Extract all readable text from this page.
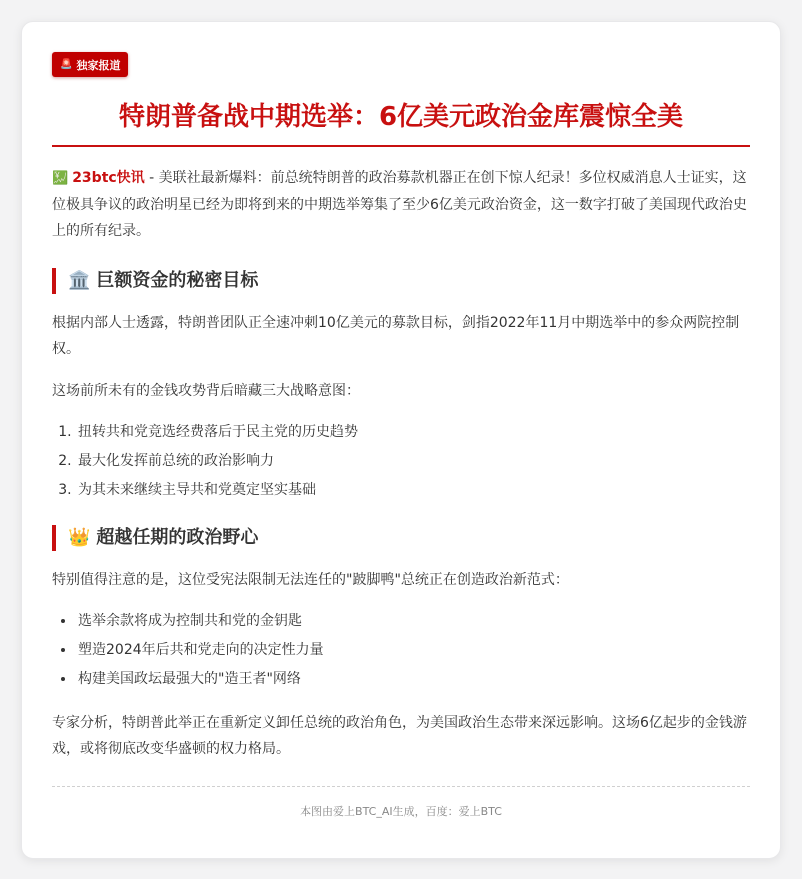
🚨 独家报道
特朗普备战中期选举：6亿美元政治金库震惊全美

💹 23btc快讯 - 美联社最新爆料：前总统特朗普的政治募款机器正在创下惊人纪录！多位权威消息人士证实，这位极具争议的政治明星已经为即将到来的中期选举筹集了至少6亿美元政治资金，这一数字打破了美国现代政治史上的所有纪录。

🏛️ 巨额资金的秘密目标

根据内部人士透露，特朗普团队正全速冲刺10亿美元的募款目标，剑指2022年11月中期选举中的参众两院控制权。

这场前所未有的金钱攻势背后暗藏三大战略意图：

1. 扭转共和党竞选经费落后于民主党的历史趋势
2. 最大化发挥前总统的政治影响力
3. 为其未来继续主导共和党奠定坚实基础
👑 超越任期的政治野心

特别值得注意的是，这位受宪法限制无法连任的"跛脚鸭"总统正在创造政治新范式：

• 选举余款将成为控制共和党的金钥匙
• 塑造2024年后共和党走向的决定性力量
• 构建美国政坛最强大的"造王者"网络

专家分析，特朗普此举正在重新定义卸任总统的政治角色，为美国政治生态带来深远影响。这场6亿起步的金钱游戏，或将彻底改变华盛顿的权力格局。

本图由爱上BTC_AI生成，百度：爱上BTC
